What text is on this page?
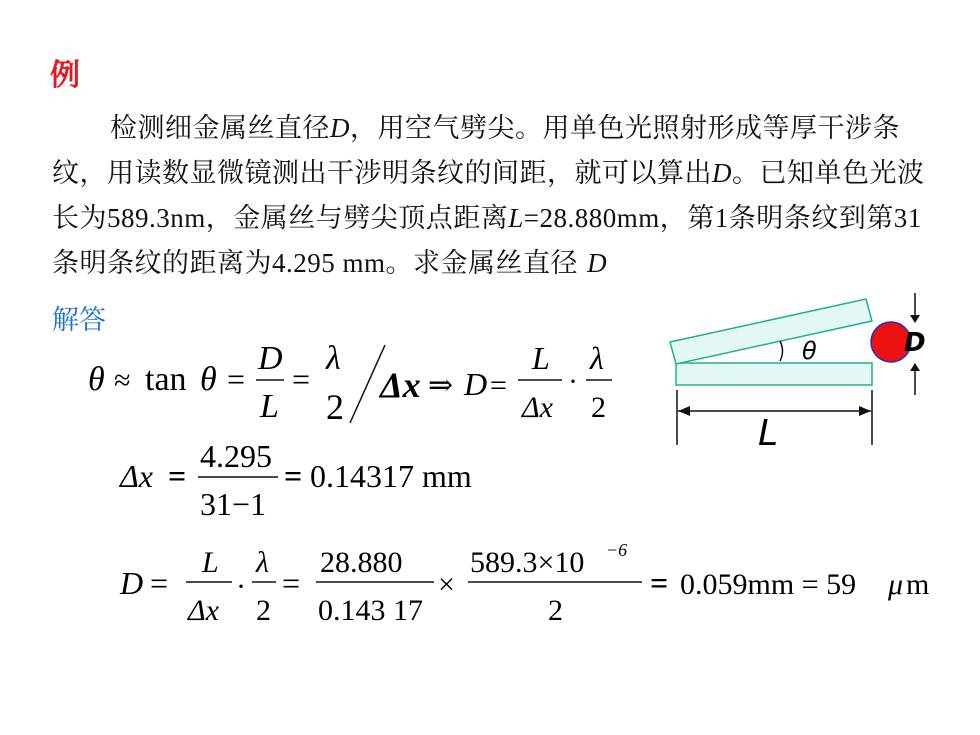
例
检测细金属丝直径D，用空气劈尖。用单色光照射形成等厚干涉条纹，用读数显微镜测出干涉明条纹的间距，就可以算出D。已知单色光波长为589.3nm，金属丝与劈尖顶点距离L=28.880mm，第1条明条纹到第31条明条纹的距离为4.295 mm。求金属丝直径 D
解答
θ	D
L
θ ≈ tan θ =
D
L
=
λ
2
Δx ⇒ D =
L
Δx
·
λ
2
Δx =
4.295
31−1
= 0.14317 mm
D =
L
Δx
·
λ
2
=
28.880
0.143 17
×
589.3×10 −6
2
= 0.059mm = 59 μ m
